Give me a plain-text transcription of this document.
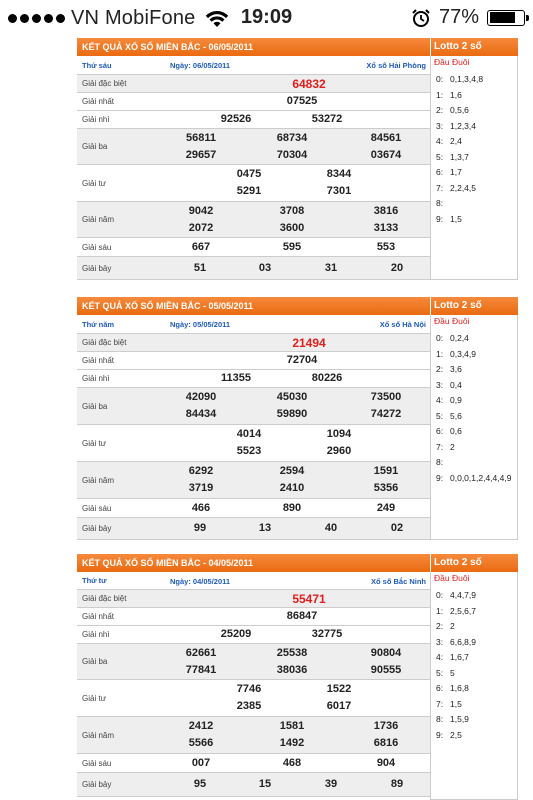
VN MobiFone	19:09	77%
KẾT QUẢ XỔ SỐ MIỀN BẮC - 06/05/2011	Lotto 2 số
Thứ sáu	Ngày: 06/05/2011	Xổ số Hải Phòng
Giải đặc biệt	64832
Giải nhất	07525
Giải nhì	92526	53272
Giải ba
56811	68734	84561
29657	70304	03674
Giải tư
0475	8344
5291	7301
Giải năm
9042	3708	3816
2072	3600	3133
Giải sáu	667	595	553
Giải bảy	51	03	31	20
Đầu Đuôi
0: 0,1,3,4,8
1: 1,6
2: 0,5,6
3: 1,2,3,4
4: 2,4
5: 1,3,7
6: 1,7
7: 2,2,4,5
8:
9: 1,5
KẾT QUẢ XỔ SỐ MIỀN BẮC - 05/05/2011	Lotto 2 số
Thứ năm	Ngày: 05/05/2011	Xổ số Hà Nội
Giải đặc biệt	21494
Giải nhất	72704
Giải nhì	11355	80226
Giải ba
42090	45030	73500
84434	59890	74272
Giải tư
4014	1094
5523	2960
Giải năm
6292	2594	1591
3719	2410	5356
Giải sáu	466	890	249
Giải bảy	99	13	40	02
Đầu Đuôi
0: 0,2,4
1: 0,3,4,9
2: 3,6
3: 0,4
4: 0,9
5: 5,6
6: 0,6
7: 2
8:
9: 0,0,0,1,2,4,4,4,9
KẾT QUẢ XỔ SỐ MIỀN BẮC - 04/05/2011	Lotto 2 số
Thứ tư	Ngày: 04/05/2011	Xổ số Bắc Ninh
Giải đặc biệt	55471
Giải nhất	86847
Giải nhì	25209	32775
Giải ba
62661	25538	90804
77841	38036	90555
Giải tư
7746	1522
2385	6017
Giải năm
2412	1581	1736
5566	1492	6816
Giải sáu	007	468	904
Giải bảy	95	15	39	89
Đầu Đuôi
0: 4,4,7,9
1: 2,5,6,7
2: 2
3: 6,6,8,9
4: 1,6,7
5: 5
6: 1,6,8
7: 1,5
8: 1,5,9
9: 2,5
